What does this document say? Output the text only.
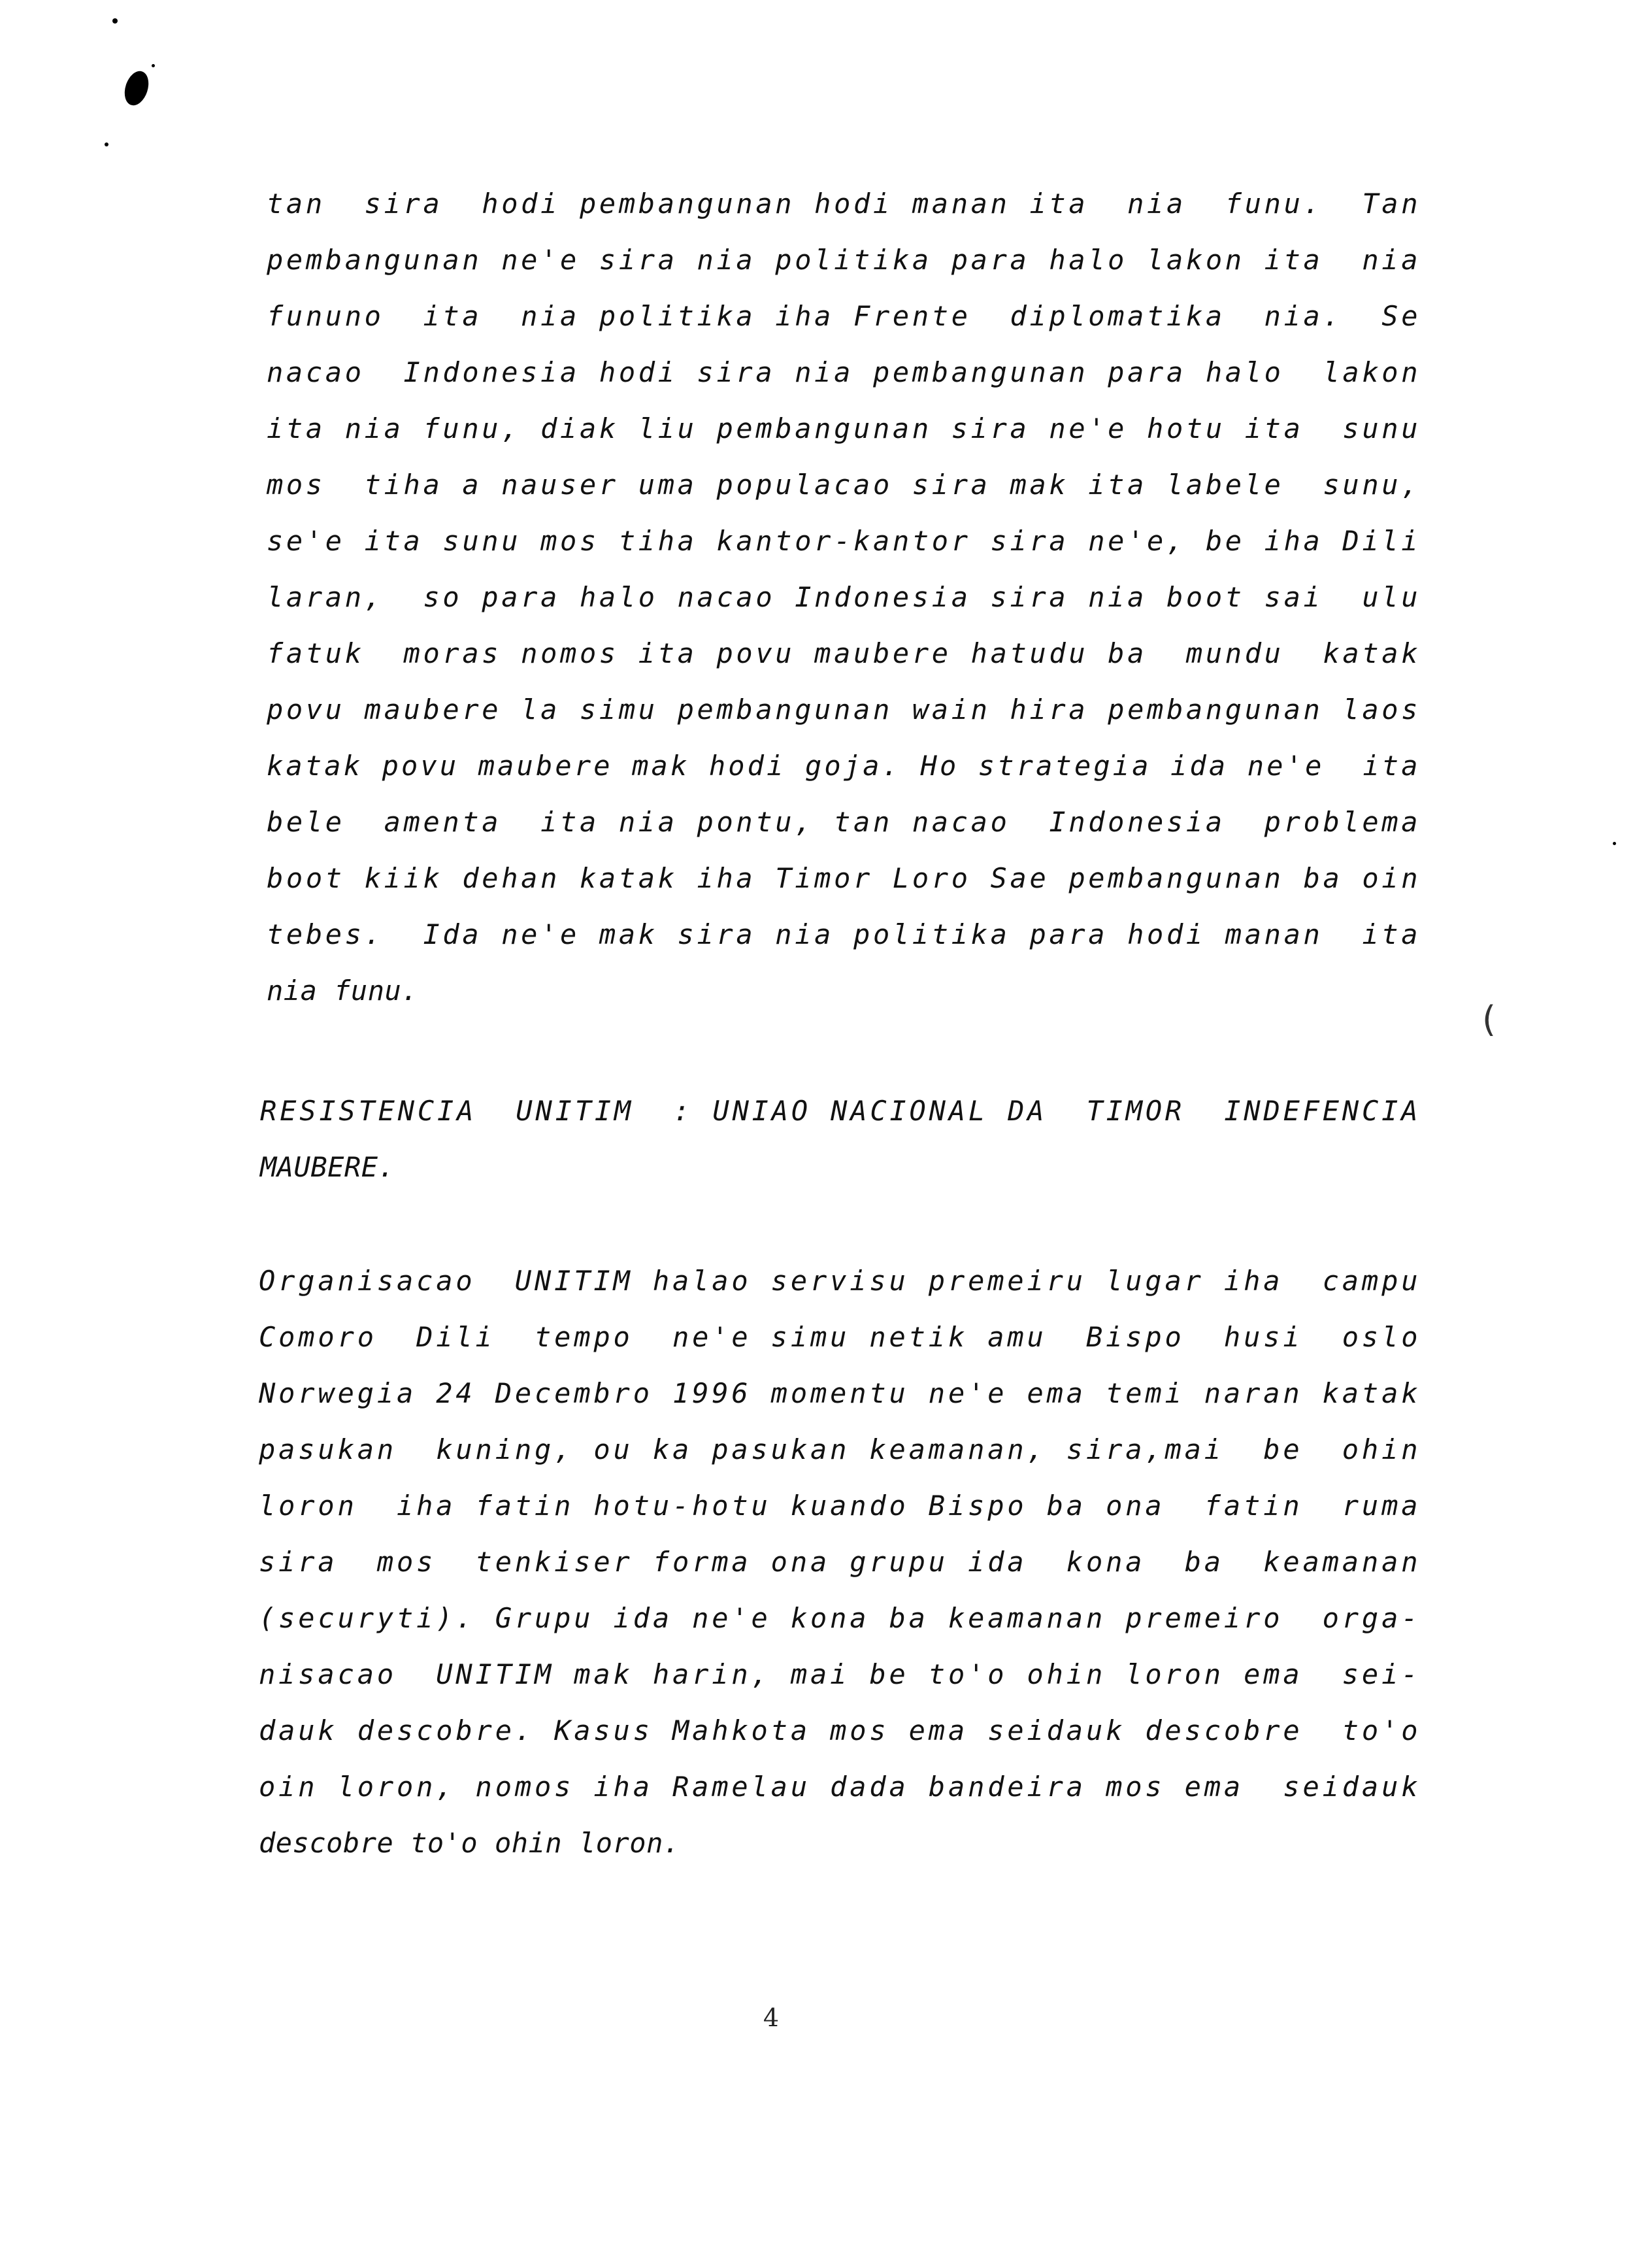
(
tan  sira  hodi pembangunan hodi manan ita  nia  funu.  Tan
pembangunan ne'e sira nia politika para halo lakon ita  nia
fununo  ita  nia politika iha Frente  diplomatika  nia.  Se
nacao  Indonesia hodi sira nia pembangunan para halo  lakon
ita nia funu, diak liu pembangunan sira ne'e hotu ita  sunu
mos  tiha a nauser uma populacao sira mak ita labele  sunu,
se'e ita sunu mos tiha kantor-kantor sira ne'e, be iha Dili
laran,  so para halo nacao Indonesia sira nia boot sai  ulu
fatuk  moras nomos ita povu maubere hatudu ba  mundu  katak
povu maubere la simu pembangunan wain hira pembangunan laos
katak povu maubere mak hodi goja. Ho strategia ida ne'e  ita
bele  amenta  ita nia pontu, tan nacao  Indonesia  problema
boot kiik dehan katak iha Timor Loro Sae pembangunan ba oin
tebes.  Ida ne'e mak sira nia politika para hodi manan  ita
nia funu.
RESISTENCIA  UNITIM  : UNIAO NACIONAL DA  TIMOR  INDEFENCIA
MAUBERE.
Organisacao  UNITIM halao servisu premeiru lugar iha  campu
Comoro  Dili  tempo  ne'e simu netik amu  Bispo  husi  oslo
Norwegia 24 Decembro 1996 momentu ne'e ema temi naran katak
pasukan  kuning, ou ka pasukan keamanan, sira,mai  be  ohin
loron  iha fatin hotu-hotu kuando Bispo ba ona  fatin  ruma
sira  mos  tenkiser forma ona grupu ida  kona  ba  keamanan
(securyti). Grupu ida ne'e kona ba keamanan premeiro  orga-
nisacao  UNITIM mak harin, mai be to'o ohin loron ema  sei-
dauk descobre. Kasus Mahkota mos ema seidauk descobre  to'o
oin loron, nomos iha Ramelau dada bandeira mos ema  seidauk
descobre to'o ohin loron.
4
